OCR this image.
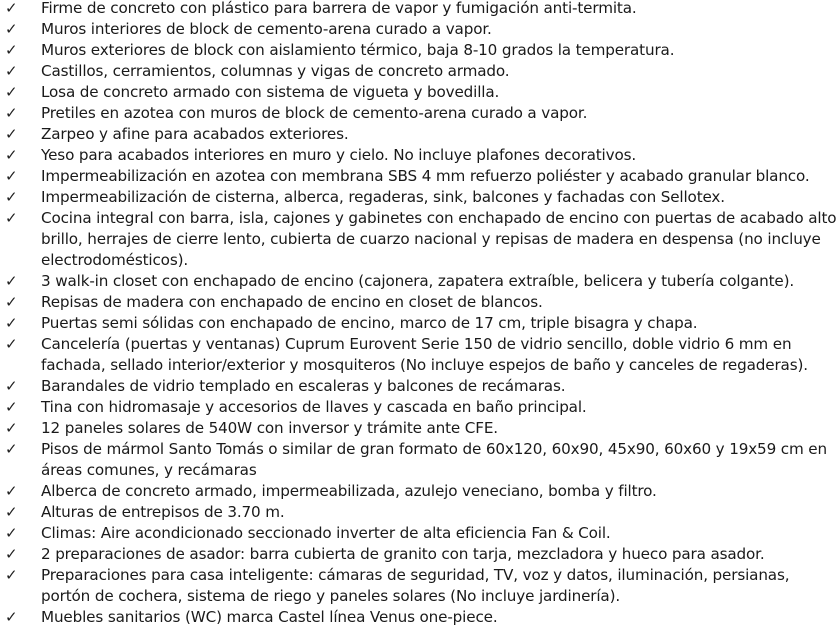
✓	Firme de concreto con plástico para barrera de vapor y fumigación anti-termita.
✓	Muros interiores de block de cemento-arena curado a vapor.
✓	Muros exteriores de block con aislamiento térmico, baja 8-10 grados la temperatura.
✓	Castillos, cerramientos, columnas y vigas de concreto armado.
✓	Losa de concreto armado con sistema de vigueta y bovedilla.
✓	Pretiles en azotea con muros de block de cemento-arena curado a vapor.
✓	Zarpeo y afine para acabados exteriores.
✓	Yeso para acabados interiores en muro y cielo. No incluye plafones decorativos.
✓	Impermeabilización en azotea con membrana SBS 4 mm refuerzo poliéster y acabado granular blanco.
✓	Impermeabilización de cisterna, alberca, regaderas, sink, balcones y fachadas con Sellotex.
✓	Cocina integral con barra, isla, cajones y gabinetes con enchapado de encino con puertas de acabado alto brillo, herrajes de cierre lento, cubierta de cuarzo nacional y repisas de madera en despensa (no incluye electrodomésticos).
✓	3 walk-in closet con enchapado de encino (cajonera, zapatera extraíble, belicera y tubería colgante).
✓	Repisas de madera con enchapado de encino en closet de blancos.
✓	Puertas semi sólidas con enchapado de encino, marco de 17 cm, triple bisagra y chapa.
✓	Cancelería (puertas y ventanas) Cuprum Eurovent Serie 150 de vidrio sencillo, doble vidrio 6 mm en fachada, sellado interior/exterior y mosquiteros (No incluye espejos de baño y canceles de regaderas).
✓	Barandales de vidrio templado en escaleras y balcones de recámaras.
✓	Tina con hidromasaje y accesorios de llaves y cascada en baño principal.
✓	12 paneles solares de 540W con inversor y trámite ante CFE.
✓	Pisos de mármol Santo Tomás o similar de gran formato de 60x120, 60x90, 45x90, 60x60 y 19x59 cm en áreas comunes, y recámaras
✓	Alberca de concreto armado, impermeabilizada, azulejo veneciano, bomba y filtro.
✓	Alturas de entrepisos de 3.70 m.
✓	Climas: Aire acondicionado seccionado inverter de alta eficiencia Fan & Coil.
✓	2 preparaciones de asador: barra cubierta de granito con tarja, mezcladora y hueco para asador.
✓	Preparaciones para casa inteligente: cámaras de seguridad, TV, voz y datos, iluminación, persianas, portón de cochera, sistema de riego y paneles solares (No incluye jardinería).
✓	Muebles sanitarios (WC) marca Castel línea Venus one-piece.
